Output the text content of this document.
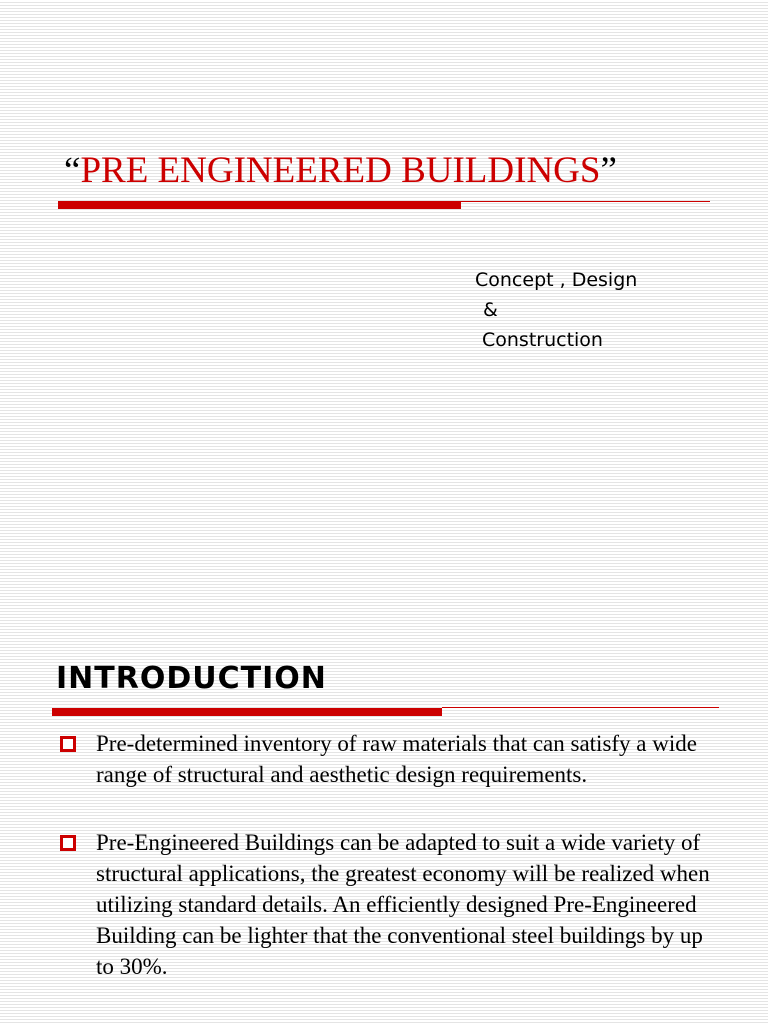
“PRE ENGINEERED BUILDINGS”
Concept , Design
&
Construction
INTRODUCTION
Pre-determined inventory of raw materials that can satisfy a wide range of structural and aesthetic design requirements.
Pre-Engineered Buildings can be adapted to suit a wide variety of structural applications, the greatest economy will be realized when utilizing standard details. An efficiently designed Pre-Engineered Building can be lighter that the conventional steel buildings by up to 30%.
